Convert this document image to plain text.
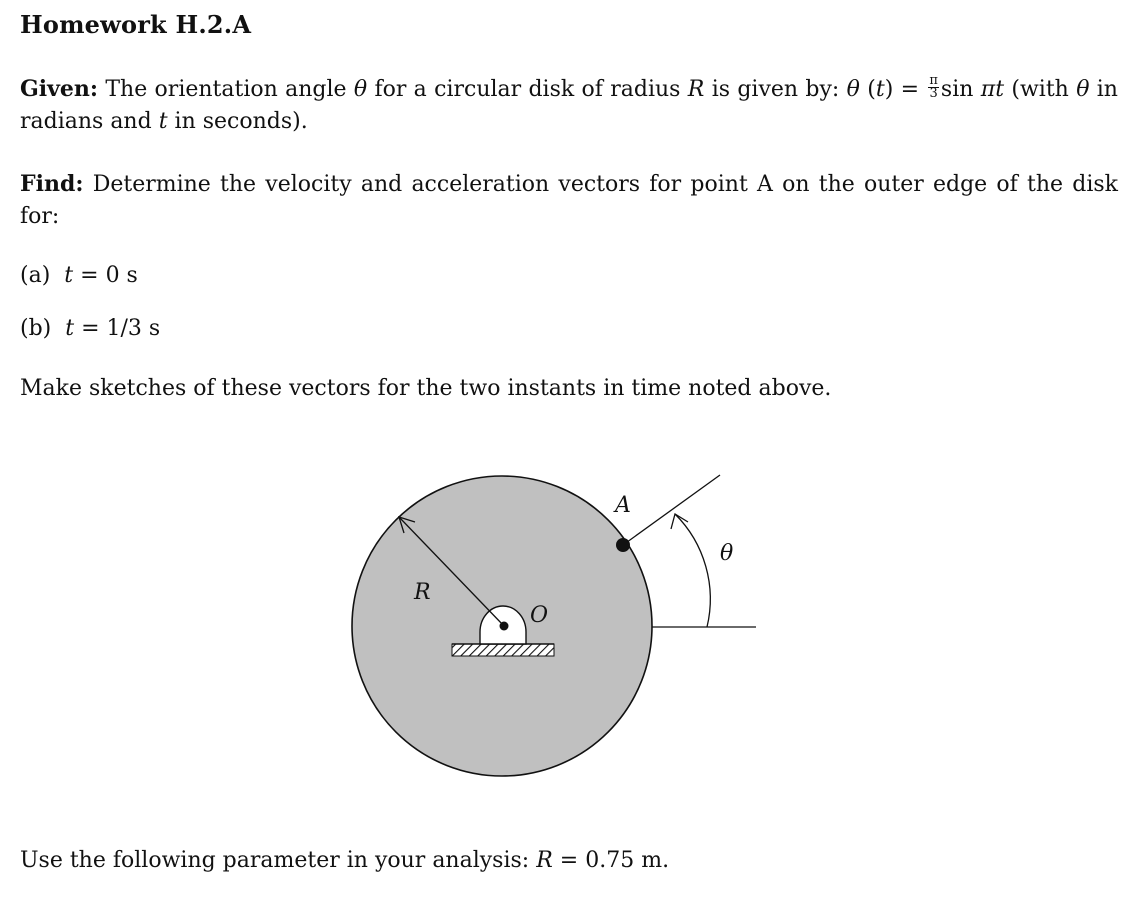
Homework H.2.A
Given: The orientation angle θ for a circular disk of radius R is given by: θ $(t) = \frac{\pi}{3}$ sin πt (with θ in radians and t in seconds).
Find: Determine the velocity and acceleration vectors for point A on the outer edge of the disk for:
(a) t = 0 s
(b) t = 1/3 s
Make sketches of these vectors for the two instants in time noted above.
A
θ
R
O
Use the following parameter in your analysis: R = 0.75 m.
